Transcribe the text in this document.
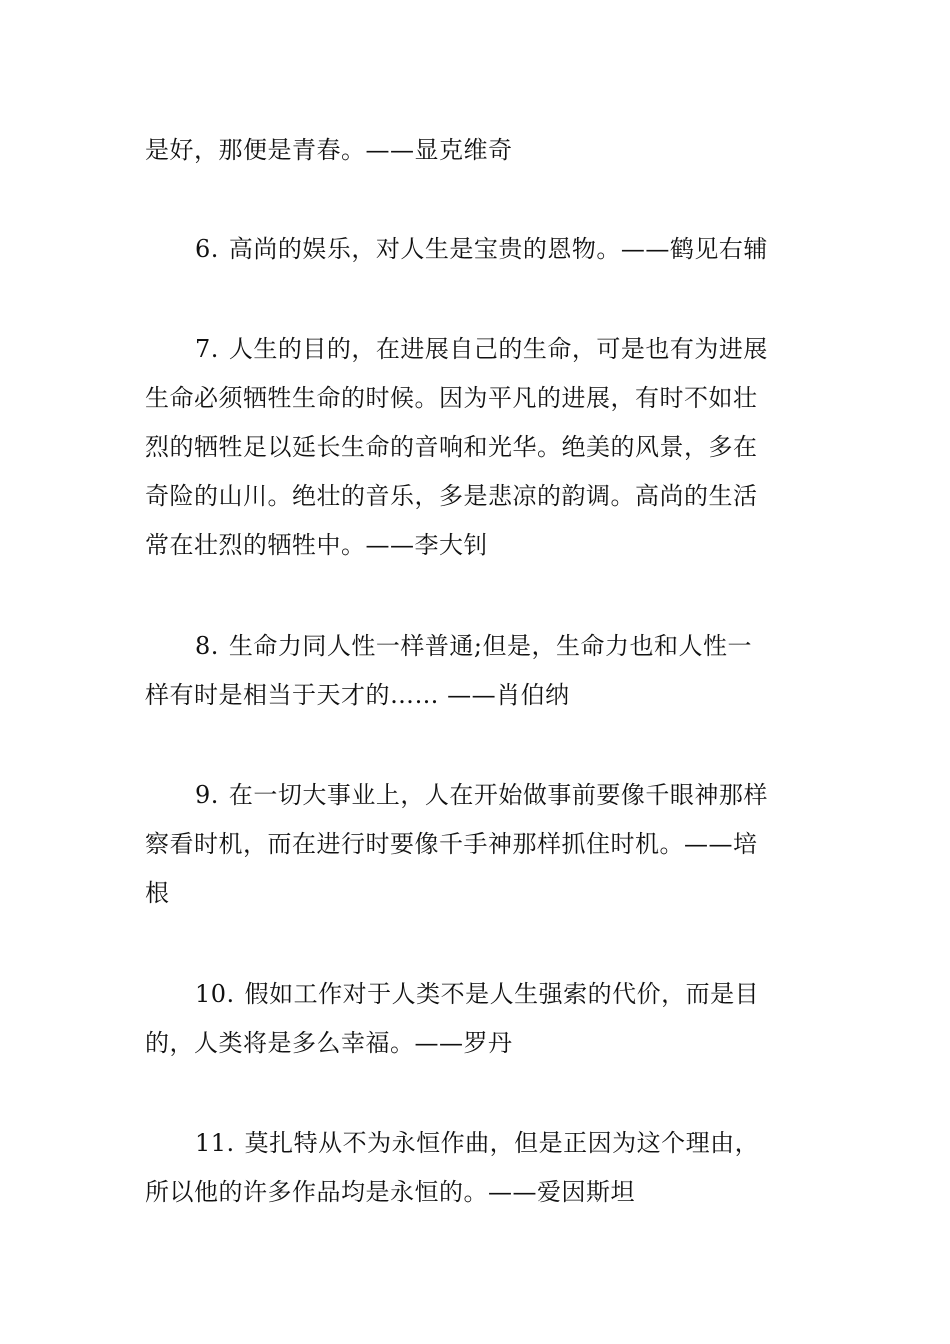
是好，那便是青春。——显克维奇

6. 高尚的娱乐，对人生是宝贵的恩物。——鹤见右辅

7. 人生的目的，在进展自己的生命，可是也有为进展
生命必须牺牲生命的时候。因为平凡的进展，有时不如壮
烈的牺牲足以延长生命的音响和光华。绝美的风景，多在
奇险的山川。绝壮的音乐，多是悲凉的韵调。高尚的生活
常在壮烈的牺牲中。——李大钊

8. 生命力同人性一样普通;但是，生命力也和人性一
样有时是相当于天才的…… ——肖伯纳

9. 在一切大事业上，人在开始做事前要像千眼神那样
察看时机，而在进行时要像千手神那样抓住时机。——培
根

10. 假如工作对于人类不是人生强索的代价，而是目
的，人类将是多么幸福。——罗丹

11. 莫扎特从不为永恒作曲，但是正因为这个理由，
所以他的许多作品均是永恒的。——爱因斯坦
